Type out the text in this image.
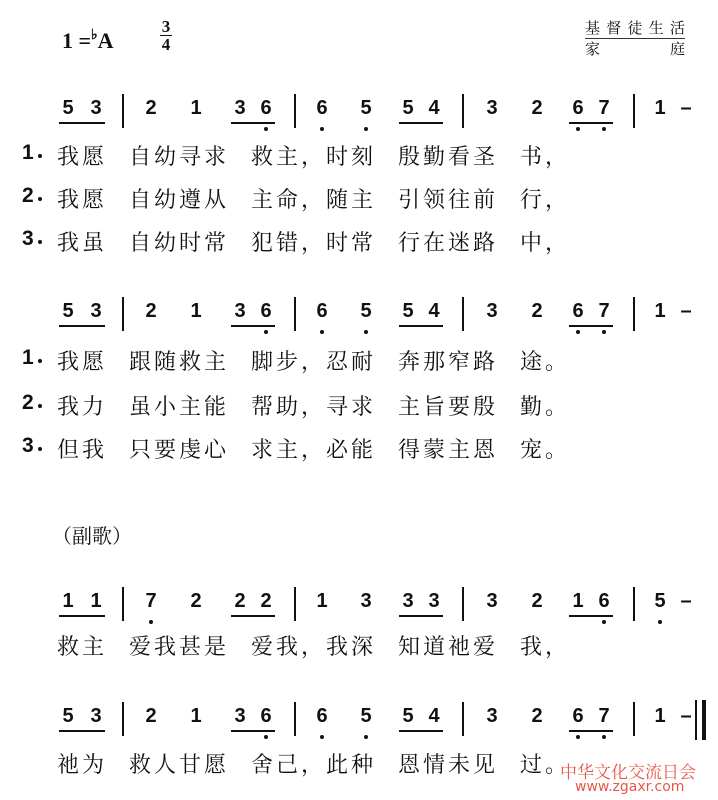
1 =♭A
3
4
基督徒生活
家 庭
5 3 2 1 3 6 6 5 5 4 3 2 6 7 1 –
1 我愿 自幼寻求 救主，时刻 殷勤看圣 书，
2 我愿 自幼遵从 主命，随主 引领往前 行，
3 我虽 自幼时常 犯错，时常 行在迷路 中，
5 3 2 1 3 6 6 5 5 4 3 2 6 7 1 –
1 我愿 跟随救主 脚步，忍耐 奔那窄路 途。
2 我力 虽小主能 帮助，寻求 主旨要殷 勤。
3 但我 只要虔心 求主，必能 得蒙主恩 宠。
1 1 7 2 2 2 1 3 3 3 3 2 1 6 5 –
救主 爱我甚是 爱我，我深 知道祂爱 我，
5 3 2 1 3 6 6 5 5 4 3 2 6 7 1 –
祂为 救人甘愿 舍己，此种 恩情未见 过。
（副歌）
中华文化交流日会
www.zgaxr.com
